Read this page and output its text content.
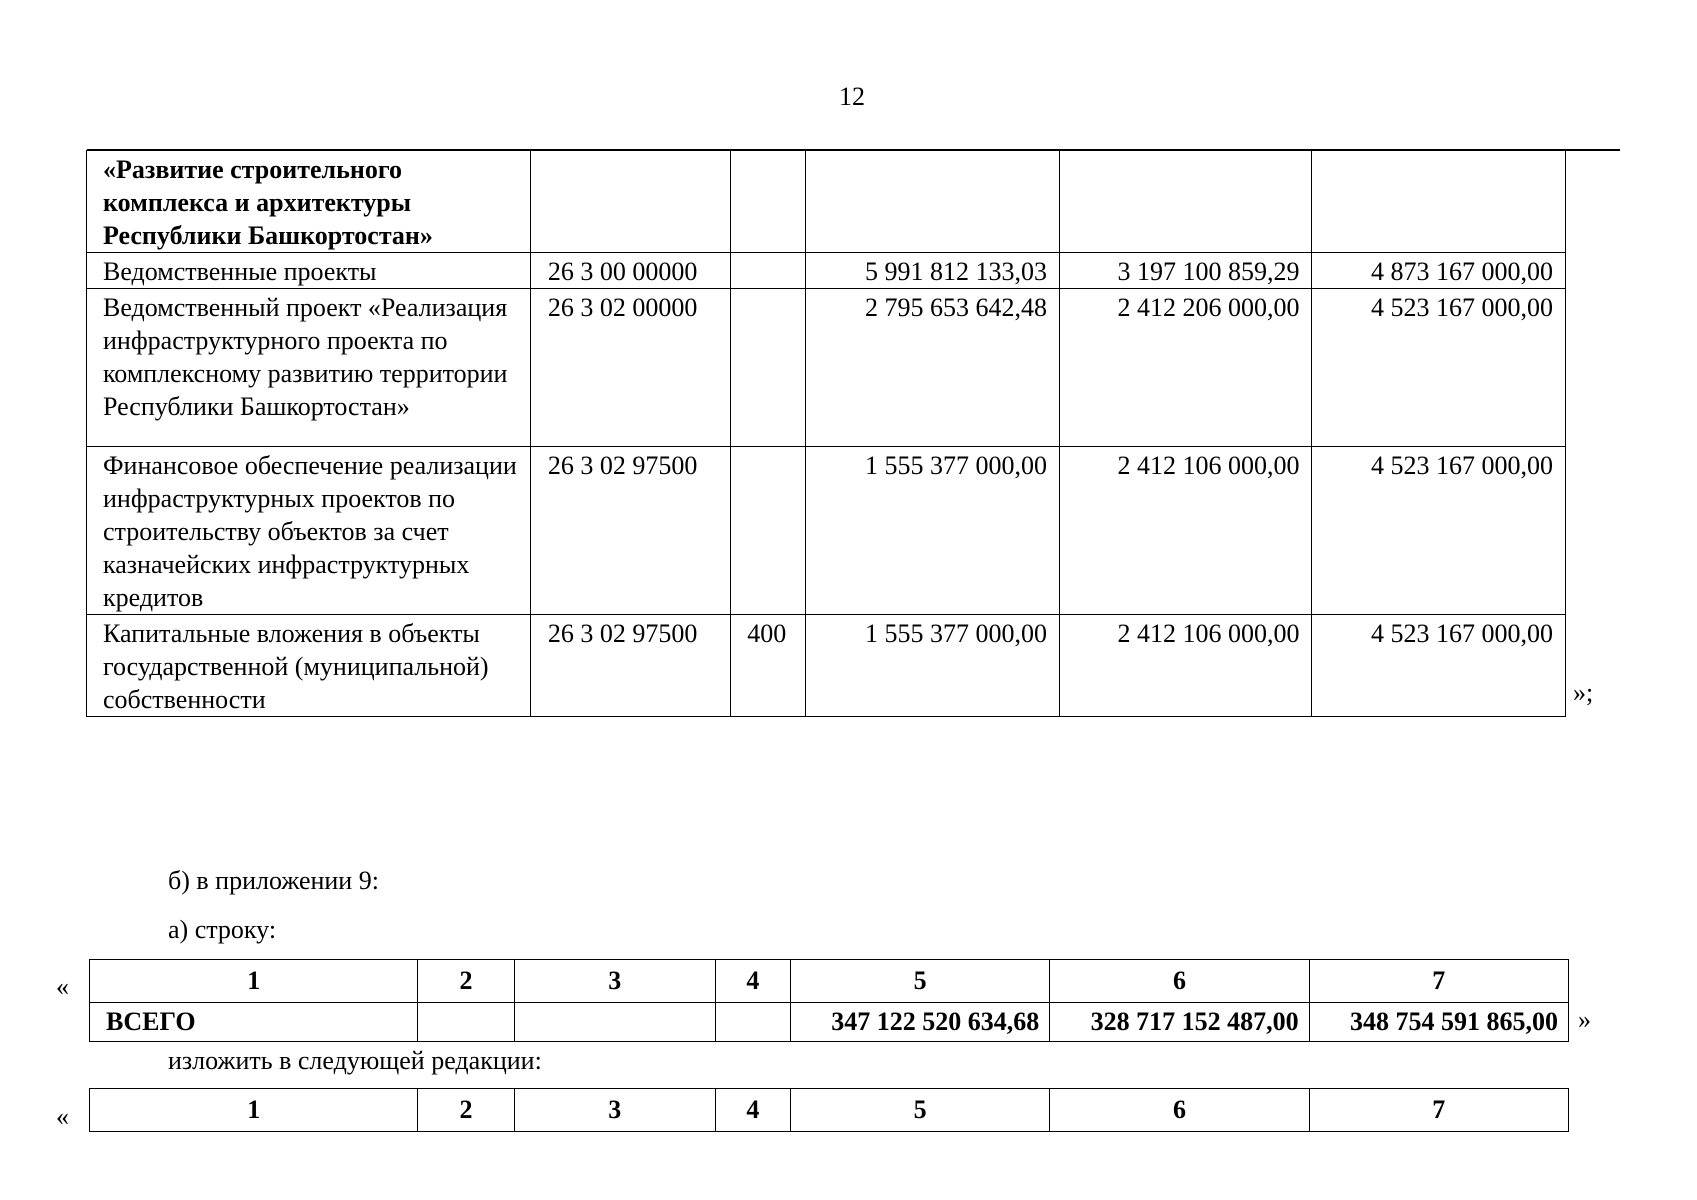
12
«Развитие строительного комплекса и архитектуры Республики Башкортостан»					
Ведомственные проекты	26 3 00 00000		5 991 812 133,03	3 197 100 859,29	4 873 167 000,00
Ведомственный проект «Реализация инфраструктурного проекта по комплексному развитию территории Республики Башкортостан»	26 3 02 00000		2 795 653 642,48	2 412 206 000,00	4 523 167 000,00
Финансовое обеспечение реализации инфраструктурных проектов по строительству объектов за счет казначейских инфраструктурных кредитов	26 3 02 97500		1 555 377 000,00	2 412 106 000,00	4 523 167 000,00
Капитальные вложения в объекты государственной (муниципальной) собственности	26 3 02 97500	400	1 555 377 000,00	2 412 106 000,00	4 523 167 000,00
»;
б) в приложении 9:
а) строку:
«	1	2	3	4	5	6	7
ВСЕГО				347 122 520 634,68	328 717 152 487,00	348 754 591 865,00 »
изложить в следующей редакции:
«	1	2	3	4	5	6	7
